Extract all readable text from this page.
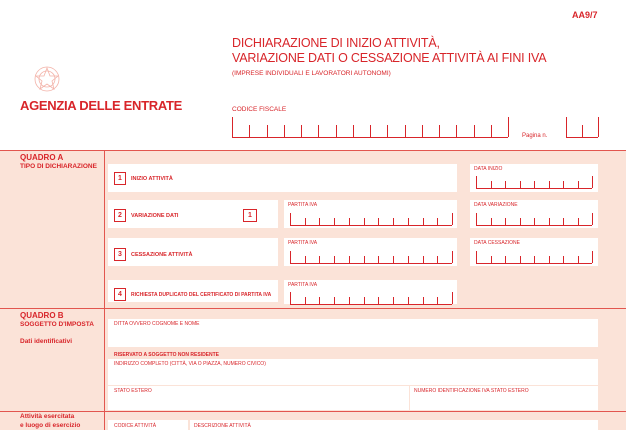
AA9/7
AGENZIA DELLE ENTRATE
DICHIARAZIONE DI INIZIO ATTIVITÀ,
VARIAZIONE DATI O CESSAZIONE ATTIVITÀ AI FINI IVA
(IMPRESE INDIVIDUALI E LAVORATORI AUTONOMI)
CODICE FISCALE
Pagina n.
QUADRO A
TIPO DI DICHIARAZIONE
1	INIZIO ATTIVITÀ
DATA INIZIO
2	VARIAZIONE DATI	1
PARTITA IVA	DATA VARIAZIONE
3	CESSAZIONE ATTIVITÀ
PARTITA IVA	DATA CESSAZIONE
4	RICHIESTA DUPLICATO DEL CERTIFICATO DI PARTITA IVA
PARTITA IVA
QUADRO B
SOGGETTO D'IMPOSTA
Dati identificativi
DITTA OVVERO COGNOME E NOME
RISERVATO A SOGGETTO NON RESIDENTE
INDIRIZZO COMPLETO (CITTÀ, VIA O PIAZZA, NUMERO CIVICO)
STATO ESTERO	NUMERO IDENTIFICAZIONE IVA STATO ESTERO
Attività esercitata
e luogo di esercizio	CODICE ATTIVITÀ	DESCRIZIONE ATTIVITÀ
